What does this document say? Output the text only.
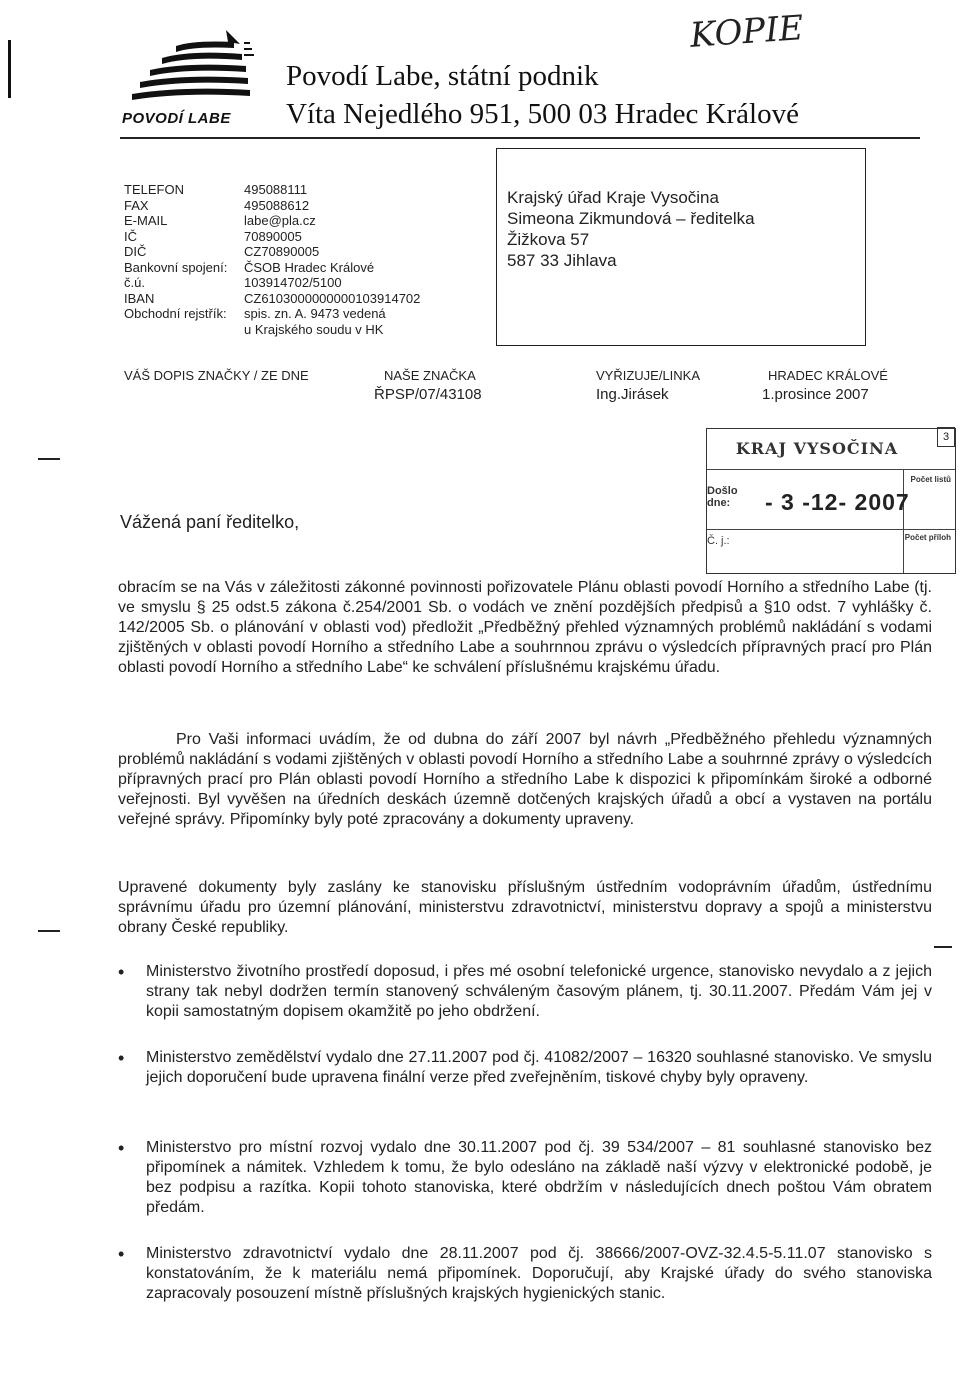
KOPIE
POVODÍ LABE
Povodí Labe, státní podnik
Víta Nejedlého 951, 500 03 Hradec Králové
TELEFON	495088111
FAX	495088612
E-MAIL	labe@pla.cz
IČ	70890005
DIČ	CZ70890005
Bankovní spojení:	ČSOB Hradec Králové
č.ú.	103914702/5100
IBAN	CZ6103000000000103914702
Obchodní rejstřík:	spis. zn. A. 9473 vedená
u Krajského soudu v HK
Krajský úřad Kraje Vysočina
Simeona Zikmundová – ředitelka
Žižkova 57
587 33 Jihlava
VÁŠ DOPIS ZNAČKY / ZE DNE	NAŠE ZNAČKA
ŘPSP/07/43108
VYŘIZUJE/LINKA
Ing.Jirásek
HRADEC KRÁLOVÉ
1.prosince 2007
KRAJ VYSOČINA
3
Počet listů
Došlo
dne:	- 3 -12- 2007
Č. j.:	Počet příloh
Vážená paní ředitelko,
obracím se na Vás v záležitosti zákonné povinnosti pořizovatele Plánu oblasti povodí Horního a středního Labe (tj. ve smyslu § 25 odst.5 zákona č.254/2001 Sb. o vodách ve znění pozdějších předpisů a §10 odst. 7 vyhlášky č. 142/2005 Sb. o plánování v oblasti vod) předložit „Předběžný přehled významných problémů nakládání s vodami zjištěných v oblasti povodí Horního a středního Labe a souhrnnou zprávu o výsledcích přípravných prací pro Plán oblasti povodí Horního a středního Labe“ ke schválení příslušnému krajskému úřadu.
Pro Vaši informaci uvádím, že od dubna do září 2007 byl návrh „Předběžného přehledu významných problémů nakládání s vodami zjištěných v oblasti povodí Horního a středního Labe a souhrnné zprávy o výsledcích přípravných prací pro Plán oblasti povodí Horního a středního Labe k dispozici k připomínkám široké a odborné veřejnosti. Byl vyvěšen na úředních deskách územně dotčených krajských úřadů a obcí a vystaven na portálu veřejné správy. Připomínky byly poté zpracovány a dokumenty upraveny.
Upravené dokumenty byly zaslány ke stanovisku příslušným ústředním vodoprávním úřadům, ústřednímu správnímu úřadu pro územní plánování, ministerstvu zdravotnictví, ministerstvu dopravy a spojů a ministerstvu obrany České republiky.
• Ministerstvo životního prostředí doposud, i přes mé osobní telefonické urgence, stanovisko nevydalo a z jejich strany tak nebyl dodržen termín stanovený schváleným časovým plánem, tj. 30.11.2007. Předám Vám jej v kopii samostatným dopisem okamžitě po jeho obdržení.
• Ministerstvo zemědělství vydalo dne 27.11.2007 pod čj. 41082/2007 – 16320 souhlasné stanovisko. Ve smyslu jejich doporučení bude upravena finální verze před zveřejněním, tiskové chyby byly opraveny.
• Ministerstvo pro místní rozvoj vydalo dne 30.11.2007 pod čj. 39 534/2007 – 81 souhlasné stanovisko bez připomínek a námitek. Vzhledem k tomu, že bylo odesláno na základě naší výzvy v elektronické podobě, je bez podpisu a razítka. Kopii tohoto stanoviska, které obdržím v následujících dnech poštou Vám obratem předám.
• Ministerstvo zdravotnictví vydalo dne 28.11.2007 pod čj. 38666/2007-OVZ-32.4.5-5.11.07 stanovisko s konstatováním, že k materiálu nemá připomínek. Doporučují, aby Krajské úřady do svého stanoviska zapracovaly posouzení místně příslušných krajských hygienických stanic.
